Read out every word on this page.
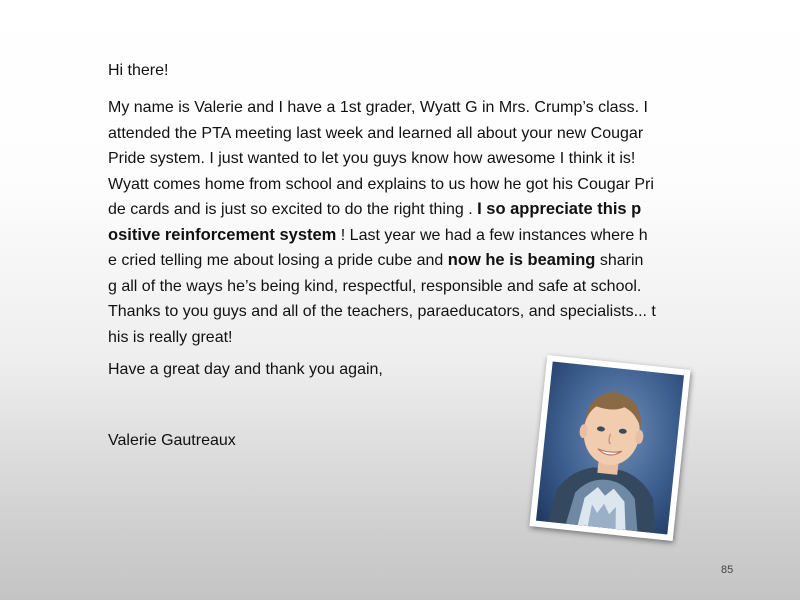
Hi there!
My name is Valerie and I have a 1st grader, Wyatt G in Mrs. Crump’s class. I
attended the PTA meeting last week and learned all about your new Cougar
Pride system. I just wanted to let you guys know how awesome I think it is!
Wyatt comes home from school and explains to us how he got his Cougar Pri
de cards and is just so excited to do the right thing . I so appreciate this p
ositive reinforcement system ! Last year we had a few instances where h
e cried telling me about losing a pride cube and now he is beaming sharin
g all of the ways he’s being kind, respectful, responsible and safe at school.
Thanks to you guys and all of the teachers, paraeducators, and specialists... t
his is really great!
Have a great day and thank you again,
Valerie Gautreaux
85
